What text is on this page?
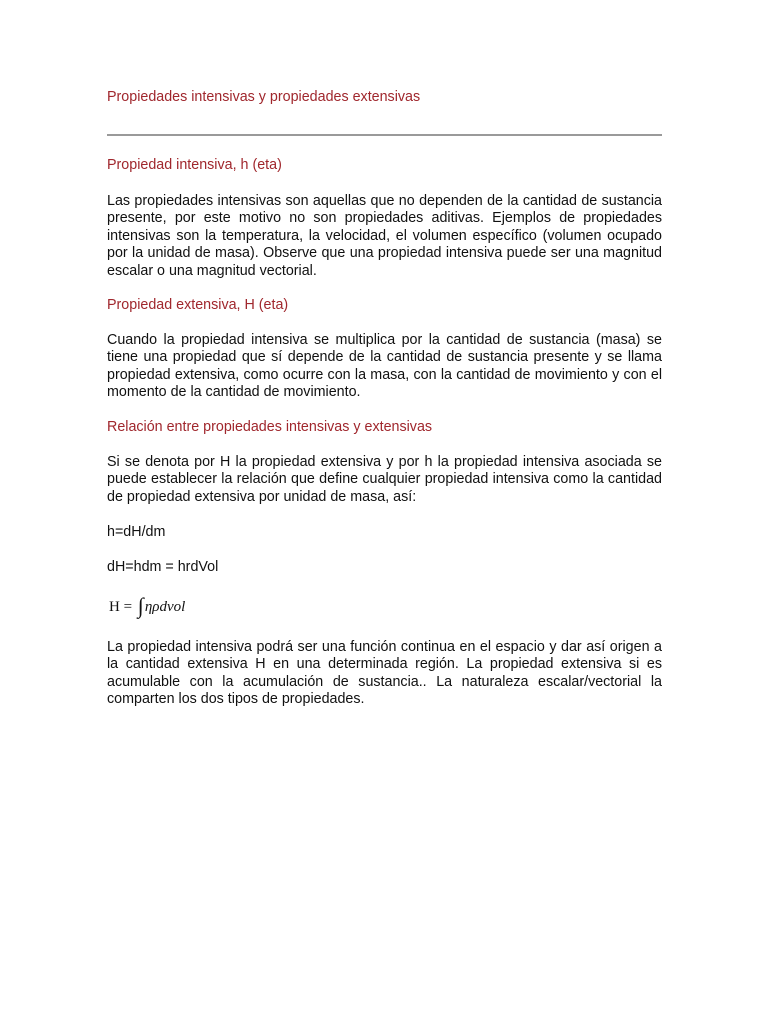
Propiedades intensivas y propiedades extensivas
Propiedad intensiva, h (eta)

Las propiedades intensivas son aquellas que no dependen de la cantidad de sustancia presente, por este motivo no son propiedades aditivas. Ejemplos de propiedades intensivas son la temperatura, la velocidad, el volumen específico (volumen ocupado por la unidad de masa). Observe que una propiedad intensiva puede ser una magnitud escalar o una magnitud vectorial.

Propiedad extensiva, H (eta)

Cuando la propiedad intensiva se multiplica por la cantidad de sustancia (masa) se tiene una propiedad que sí depende de la cantidad de sustancia presente y se llama propiedad extensiva, como ocurre con la masa, con la cantidad de movimiento y con el momento de la cantidad de movimiento.

Relación entre propiedades intensivas y extensivas

Si se denota por H la propiedad extensiva y por h la propiedad intensiva asociada se puede establecer la relación que define cualquier propiedad intensiva como la cantidad de propiedad extensiva por unidad de masa, así:

h=dH/dm
dH=hdm = hrdVol
H = ∫ηρdvol

La propiedad intensiva podrá ser una función continua en el espacio y dar así origen a la cantidad extensiva H en una determinada región. La propiedad extensiva si es acumulable con la acumulación de sustancia.. La naturaleza escalar/vectorial la comparten los dos tipos de propiedades.
